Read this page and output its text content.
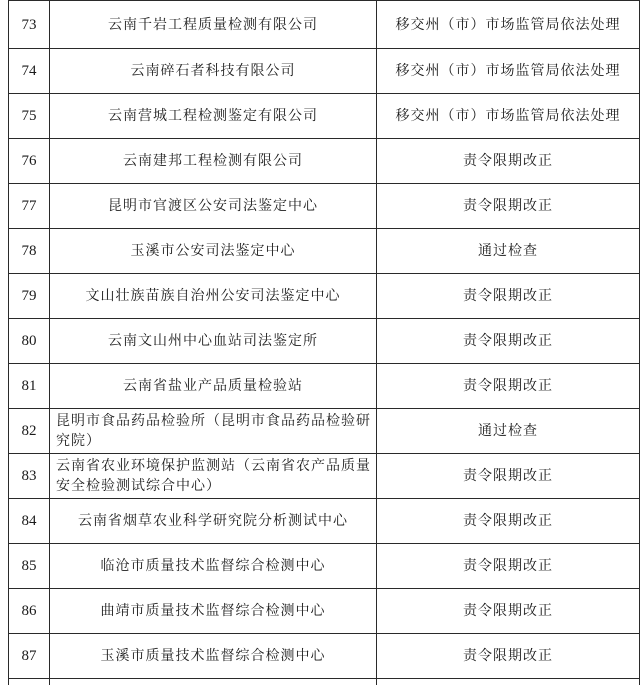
73	云南千岩工程质量检测有限公司	移交州（市）市场监管局依法处理
74	云南碎石者科技有限公司	移交州（市）市场监管局依法处理
75	云南营城工程检测鉴定有限公司	移交州（市）市场监管局依法处理
76	云南建邦工程检测有限公司	责令限期改正
77	昆明市官渡区公安司法鉴定中心	责令限期改正
78	玉溪市公安司法鉴定中心	通过检查
79	文山壮族苗族自治州公安司法鉴定中心	责令限期改正
80	云南文山州中心血站司法鉴定所	责令限期改正
81	云南省盐业产品质量检验站	责令限期改正
82	昆明市食品药品检验所（昆明市食品药品检验研究院）	通过检查
83	云南省农业环境保护监测站（云南省农产品质量安全检验测试综合中心）	责令限期改正
84	云南省烟草农业科学研究院分析测试中心	责令限期改正
85	临沧市质量技术监督综合检测中心	责令限期改正
86	曲靖市质量技术监督综合检测中心	责令限期改正
87	玉溪市质量技术监督综合检测中心	责令限期改正
